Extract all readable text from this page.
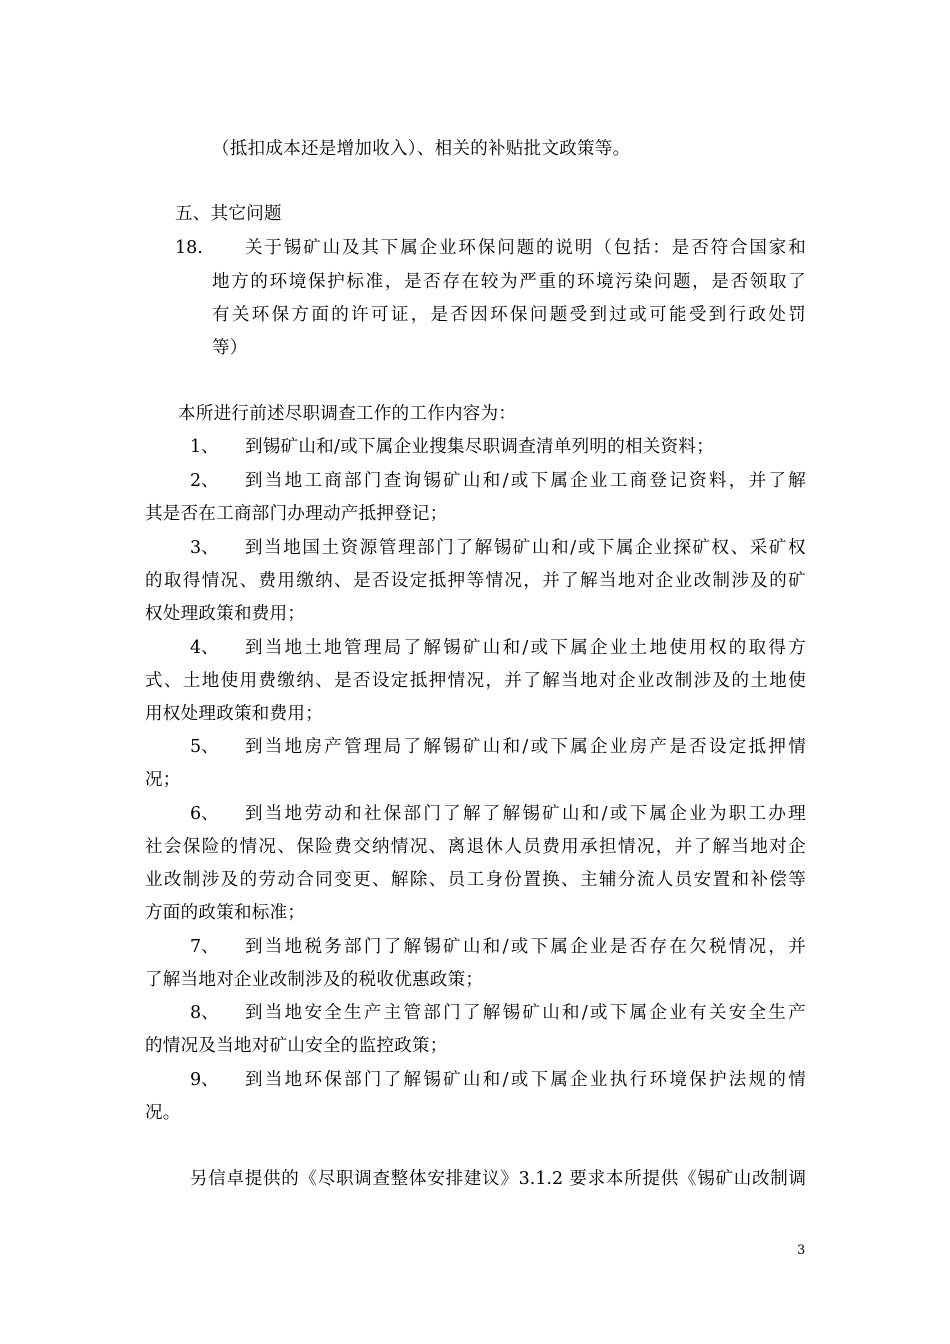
（抵扣成本还是增加收入）、相关的补贴批文政策等。
五、其它问题
18. 关于锡矿山及其下属企业环保问题的说明（包括：是否符合国家和
地方的环境保护标准，是否存在较为严重的环境污染问题，是否领取了
有关环保方面的许可证，是否因环保问题受到过或可能受到行政处罚
等）
本所进行前述尽职调查工作的工作内容为：
1、 到锡矿山和/或下属企业搜集尽职调查清单列明的相关资料；
2、 到当地工商部门查询锡矿山和/或下属企业工商登记资料，并了解
其是否在工商部门办理动产抵押登记；
3、 到当地国土资源管理部门了解锡矿山和/或下属企业探矿权、采矿权
的取得情况、费用缴纳、是否设定抵押等情况，并了解当地对企业改制涉及的矿
权处理政策和费用；
4、 到当地土地管理局了解锡矿山和/或下属企业土地使用权的取得方
式、土地使用费缴纳、是否设定抵押情况，并了解当地对企业改制涉及的土地使
用权处理政策和费用；
5、 到当地房产管理局了解锡矿山和/或下属企业房产是否设定抵押情
况；
6、 到当地劳动和社保部门了解了解锡矿山和/或下属企业为职工办理
社会保险的情况、保险费交纳情况、离退休人员费用承担情况，并了解当地对企
业改制涉及的劳动合同变更、解除、员工身份置换、主辅分流人员安置和补偿等
方面的政策和标准；
7、 到当地税务部门了解锡矿山和/或下属企业是否存在欠税情况，并
了解当地对企业改制涉及的税收优惠政策；
8、 到当地安全生产主管部门了解锡矿山和/或下属企业有关安全生产
的情况及当地对矿山安全的监控政策；
9、 到当地环保部门了解锡矿山和/或下属企业执行环境保护法规的情
况。
另信卓提供的《尽职调查整体安排建议》3.1.2 要求本所提供《锡矿山改制调
3
